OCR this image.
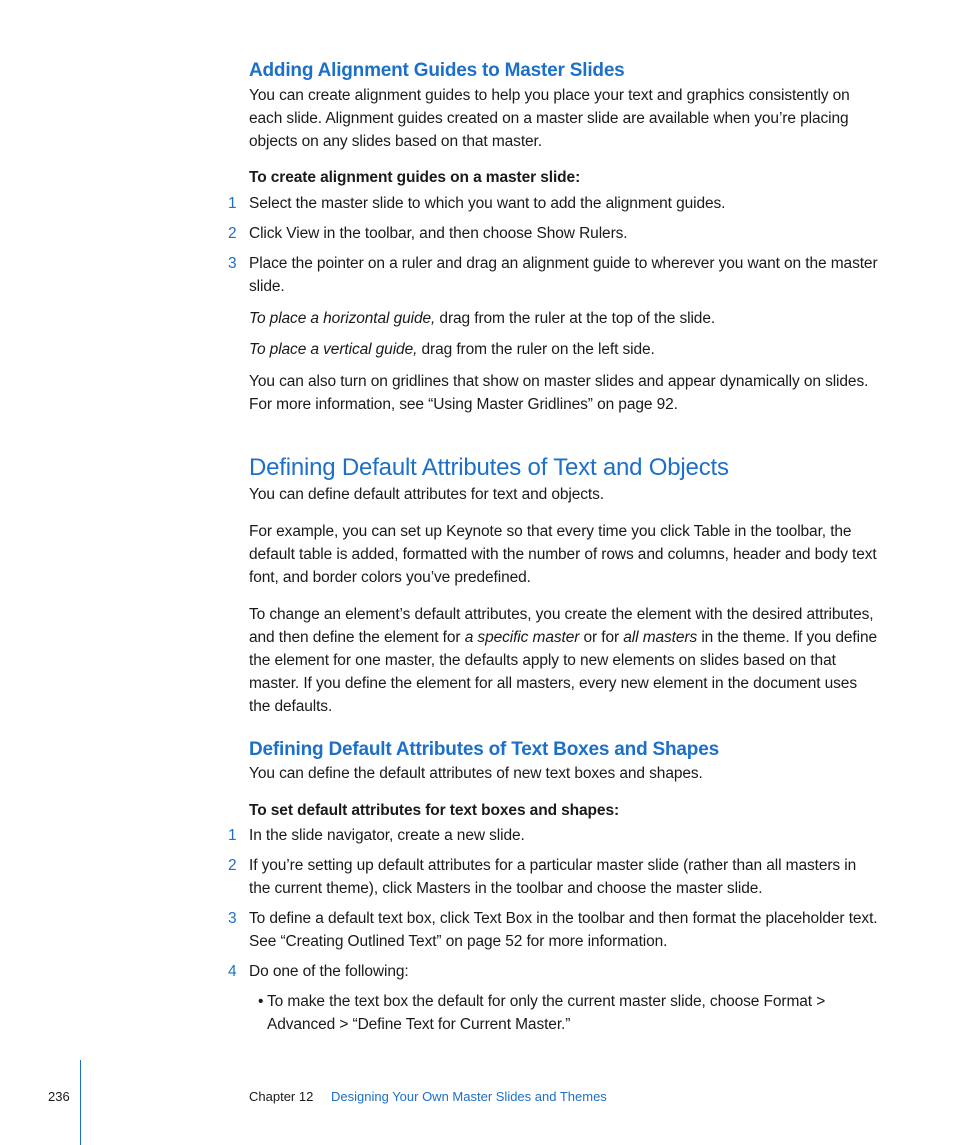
Adding Alignment Guides to Master Slides
You can create alignment guides to help you place your text and graphics consistently on each slide. Alignment guides created on a master slide are available when you’re placing objects on any slides based on that master.
To create alignment guides on a master slide:
1 Select the master slide to which you want to add the alignment guides.
2 Click View in the toolbar, and then choose Show Rulers.
3 Place the pointer on a ruler and drag an alignment guide to wherever you want on the master slide.
To place a horizontal guide, drag from the ruler at the top of the slide.
To place a vertical guide, drag from the ruler on the left side.
You can also turn on gridlines that show on master slides and appear dynamically on slides. For more information, see “Using Master Gridlines” on page 92.
Defining Default Attributes of Text and Objects
You can define default attributes for text and objects.
For example, you can set up Keynote so that every time you click Table in the toolbar, the default table is added, formatted with the number of rows and columns, header and body text font, and border colors you’ve predefined.
To change an element’s default attributes, you create the element with the desired attributes, and then define the element for a specific master or for all masters in the theme. If you define the element for one master, the defaults apply to new elements on slides based on that master. If you define the element for all masters, every new element in the document uses the defaults.
Defining Default Attributes of Text Boxes and Shapes
You can define the default attributes of new text boxes and shapes.
To set default attributes for text boxes and shapes:
1 In the slide navigator, create a new slide.
2 If you’re setting up default attributes for a particular master slide (rather than all masters in the current theme), click Masters in the toolbar and choose the master slide.
3 To define a default text box, click Text Box in the toolbar and then format the placeholder text. See “Creating Outlined Text” on page 52 for more information.
4 Do one of the following:
• To make the text box the default for only the current master slide, choose Format > Advanced > “Define Text for Current Master.”
236	Chapter 12 Designing Your Own Master Slides and Themes
